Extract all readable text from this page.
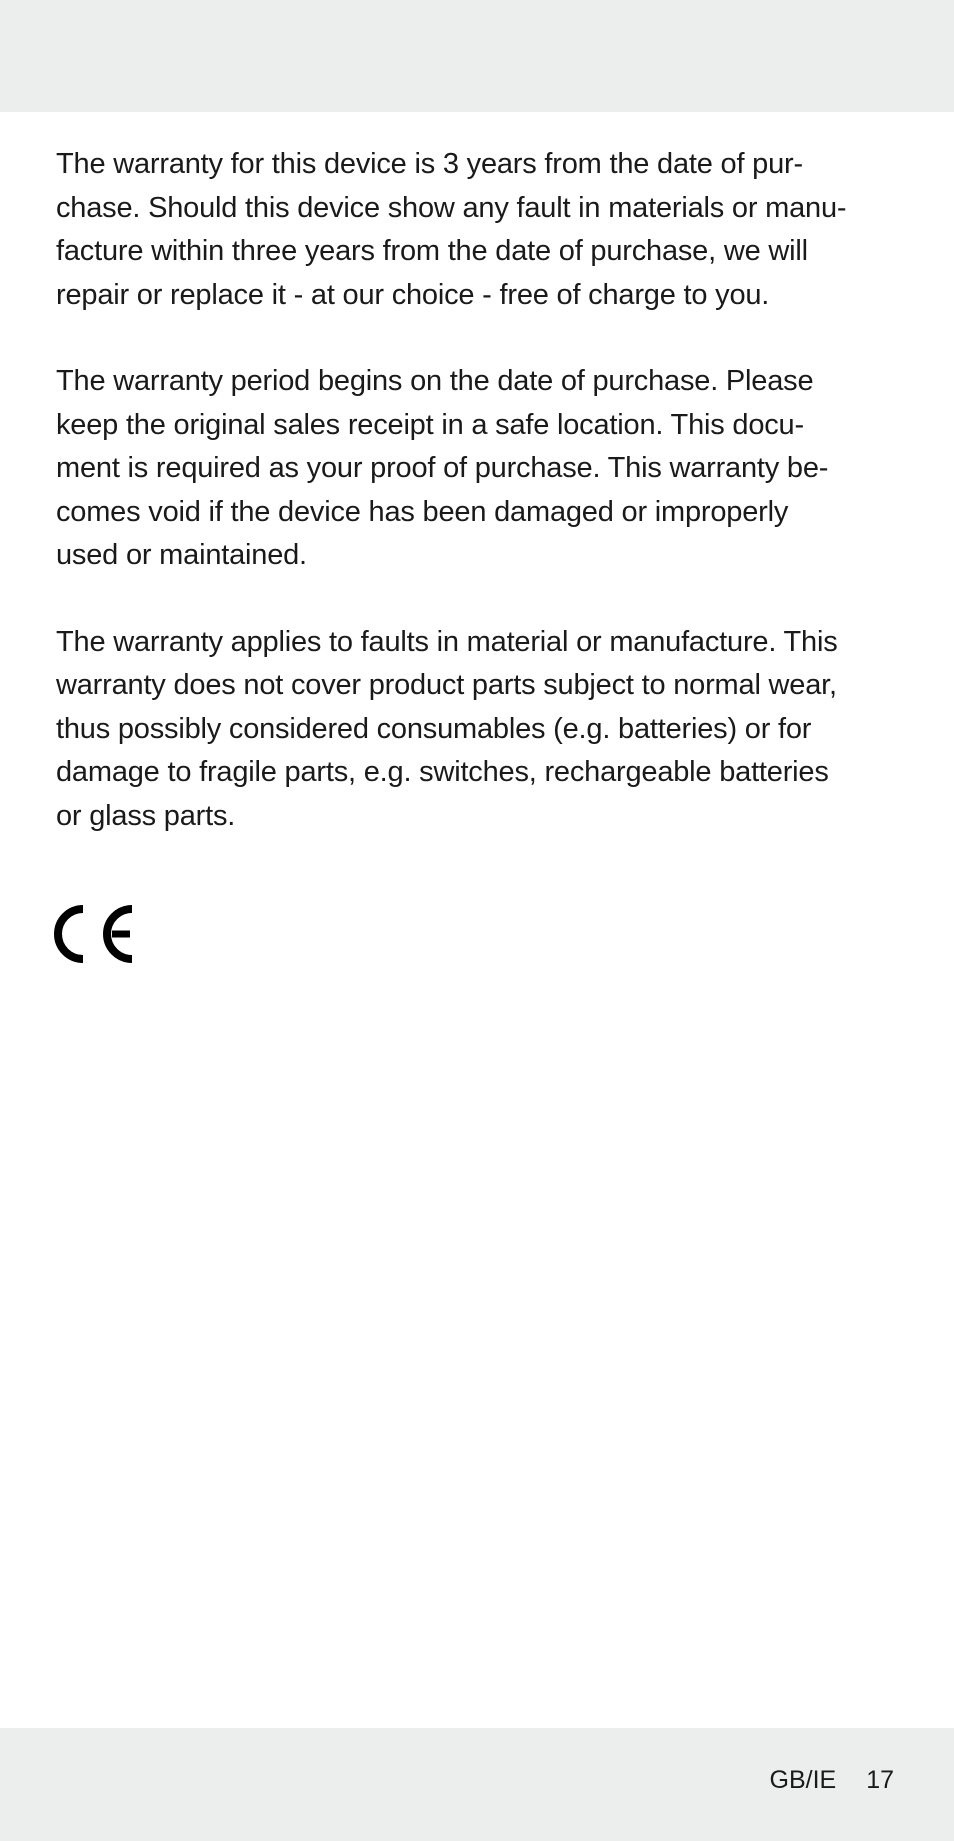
The warranty for this device is 3 years from the date of pur-
chase. Should this device show any fault in materials or manu-
facture within three years from the date of purchase, we will
repair or replace it - at our choice - free of charge to you.

The warranty period begins on the date of purchase. Please
keep the original sales receipt in a safe location. This docu-
ment is required as your proof of purchase. This warranty be-
comes void if the device has been damaged or improperly
used or maintained.

The warranty applies to faults in material or manufacture. This
warranty does not cover product parts subject to normal wear,
thus possibly considered consumables (e.g. batteries) or for
damage to fragile parts, e.g. switches, rechargeable batteries
or glass parts.

GB/IE 17
